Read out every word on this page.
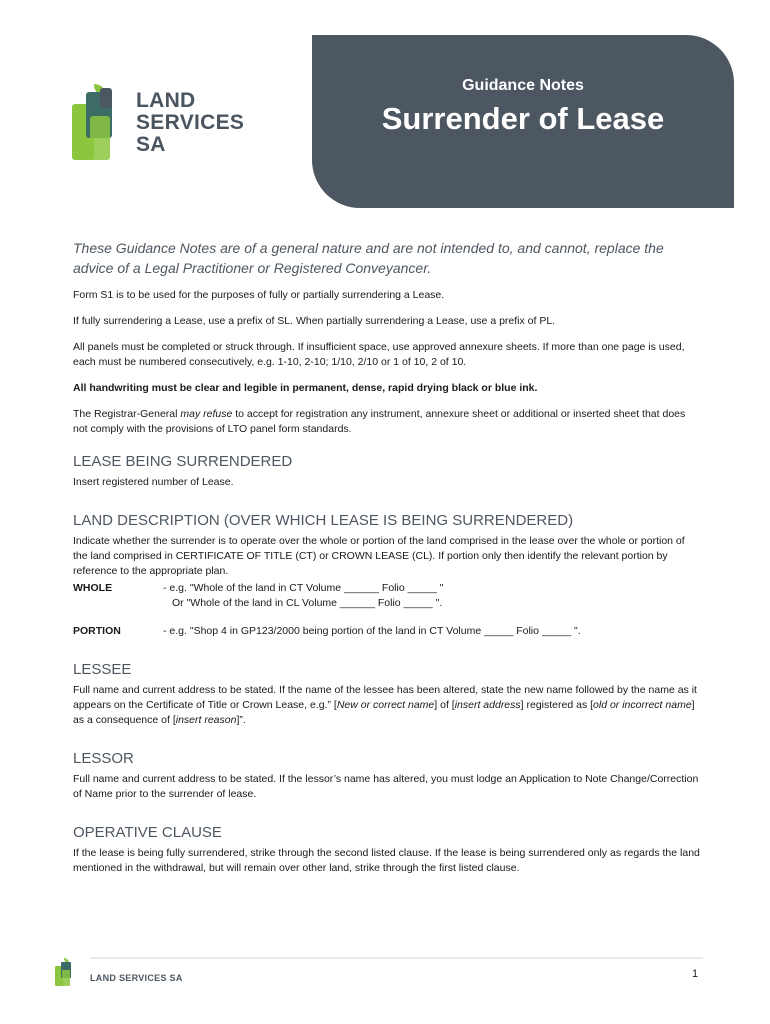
LAND
SERVICES
SA
Guidance Notes
Surrender of Lease

These Guidance Notes are of a general nature and are not intended to, and cannot, replace the advice of a Legal Practitioner or Registered Conveyancer.

Form S1 is to be used for the purposes of fully or partially surrendering a Lease.

If fully surrendering a Lease, use a prefix of SL. When partially surrendering a Lease, use a prefix of PL.

All panels must be completed or struck through. If insufficient space, use approved annexure sheets. If more than one page is used, each must be numbered consecutively, e.g. 1-10, 2-10; 1/10, 2/10 or 1 of 10, 2 of 10.

All handwriting must be clear and legible in permanent, dense, rapid drying black or blue ink.

The Registrar-General may refuse to accept for registration any instrument, annexure sheet or additional or inserted sheet that does not comply with the provisions of LTO panel form standards.

LEASE BEING SURRENDERED

Insert registered number of Lease.

LAND DESCRIPTION (OVER WHICH LEASE IS BEING SURRENDERED)

Indicate whether the surrender is to operate over the whole or portion of the land comprised in the lease over the whole or portion of the land comprised in CERTIFICATE OF TITLE (CT) or CROWN LEASE (CL). If portion only then identify the relevant portion by reference to the appropriate plan.

WHOLE	- e.g. "Whole of the land in CT Volume ______ Folio _____ "
Or "Whole of the land in CL Volume ______ Folio _____ ".
PORTION	- e.g. "Shop 4 in GP123/2000 being portion of the land in CT Volume _____ Folio _____ ".
LESSEE

Full name and current address to be stated. If the name of the lessee has been altered, state the new name followed by the name as it appears on the Certificate of Title or Crown Lease, e.g.” [New or correct name] of [insert address] registered as [old or incorrect name] as a consequence of [insert reason]”.

LESSOR

Full name and current address to be stated. If the lessor’s name has altered, you must lodge an Application to Note Change/Correction of Name prior to the surrender of lease.

OPERATIVE CLAUSE

If the lease is being fully surrendered, strike through the second listed clause. If the lease is being surrendered only as regards the land mentioned in the withdrawal, but will remain over other land, strike through the first listed clause.

LAND SERVICES SA	1
